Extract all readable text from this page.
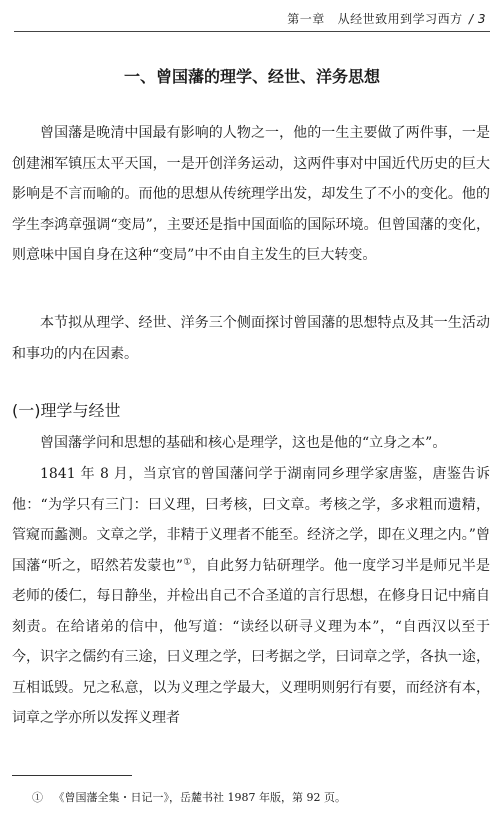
第一章 从经世致用到学习西方 / 3
一、曾国藩的理学、经世、洋务思想

曾国藩是晚清中国最有影响的人物之一，他的一生主要做了两件事，一是创建湘军镇压太平天国，一是开创洋务运动，这两件事对中国近代历史的巨大影响是不言而喻的。而他的思想从传统理学出发，却发生了不小的变化。他的学生李鸿章强调“变局”，主要还是指中国面临的国际环境。但曾国藩的变化，则意味中国自身在这种“变局”中不由自主发生的巨大转变。

本节拟从理学、经世、洋务三个侧面探讨曾国藩的思想特点及其一生活动和事功的内在因素。

(一)理学与经世

曾国藩学问和思想的基础和核心是理学，这也是他的“立身之本”。

1841 年 8 月，当京官的曾国藩问学于湖南同乡理学家唐鉴，唐鉴告诉他：“为学只有三门：曰义理，曰考核，曰文章。考核之学，多求粗而遗精，管窥而蠡测。文章之学，非精于义理者不能至。经济之学，即在义理之内。”曾国藩“听之，昭然若发蒙也”①，自此努力钻研理学。他一度学习半是师兄半是老师的倭仁，每日静坐，并检出自己不合圣道的言行思想，在修身日记中痛自刻责。在给诸弟的信中，他写道：“读经以研寻义理为本”，“自西汉以至于今，识字之儒约有三途，曰义理之学，曰考据之学，曰词章之学，各执一途，互相诋毁。兄之私意，以为义理之学最大，义理明则躬行有要，而经济有本，词章之学亦所以发挥义理者

① 《曾国藩全集・日记一》，岳麓书社 1987 年版，第 92 页。
